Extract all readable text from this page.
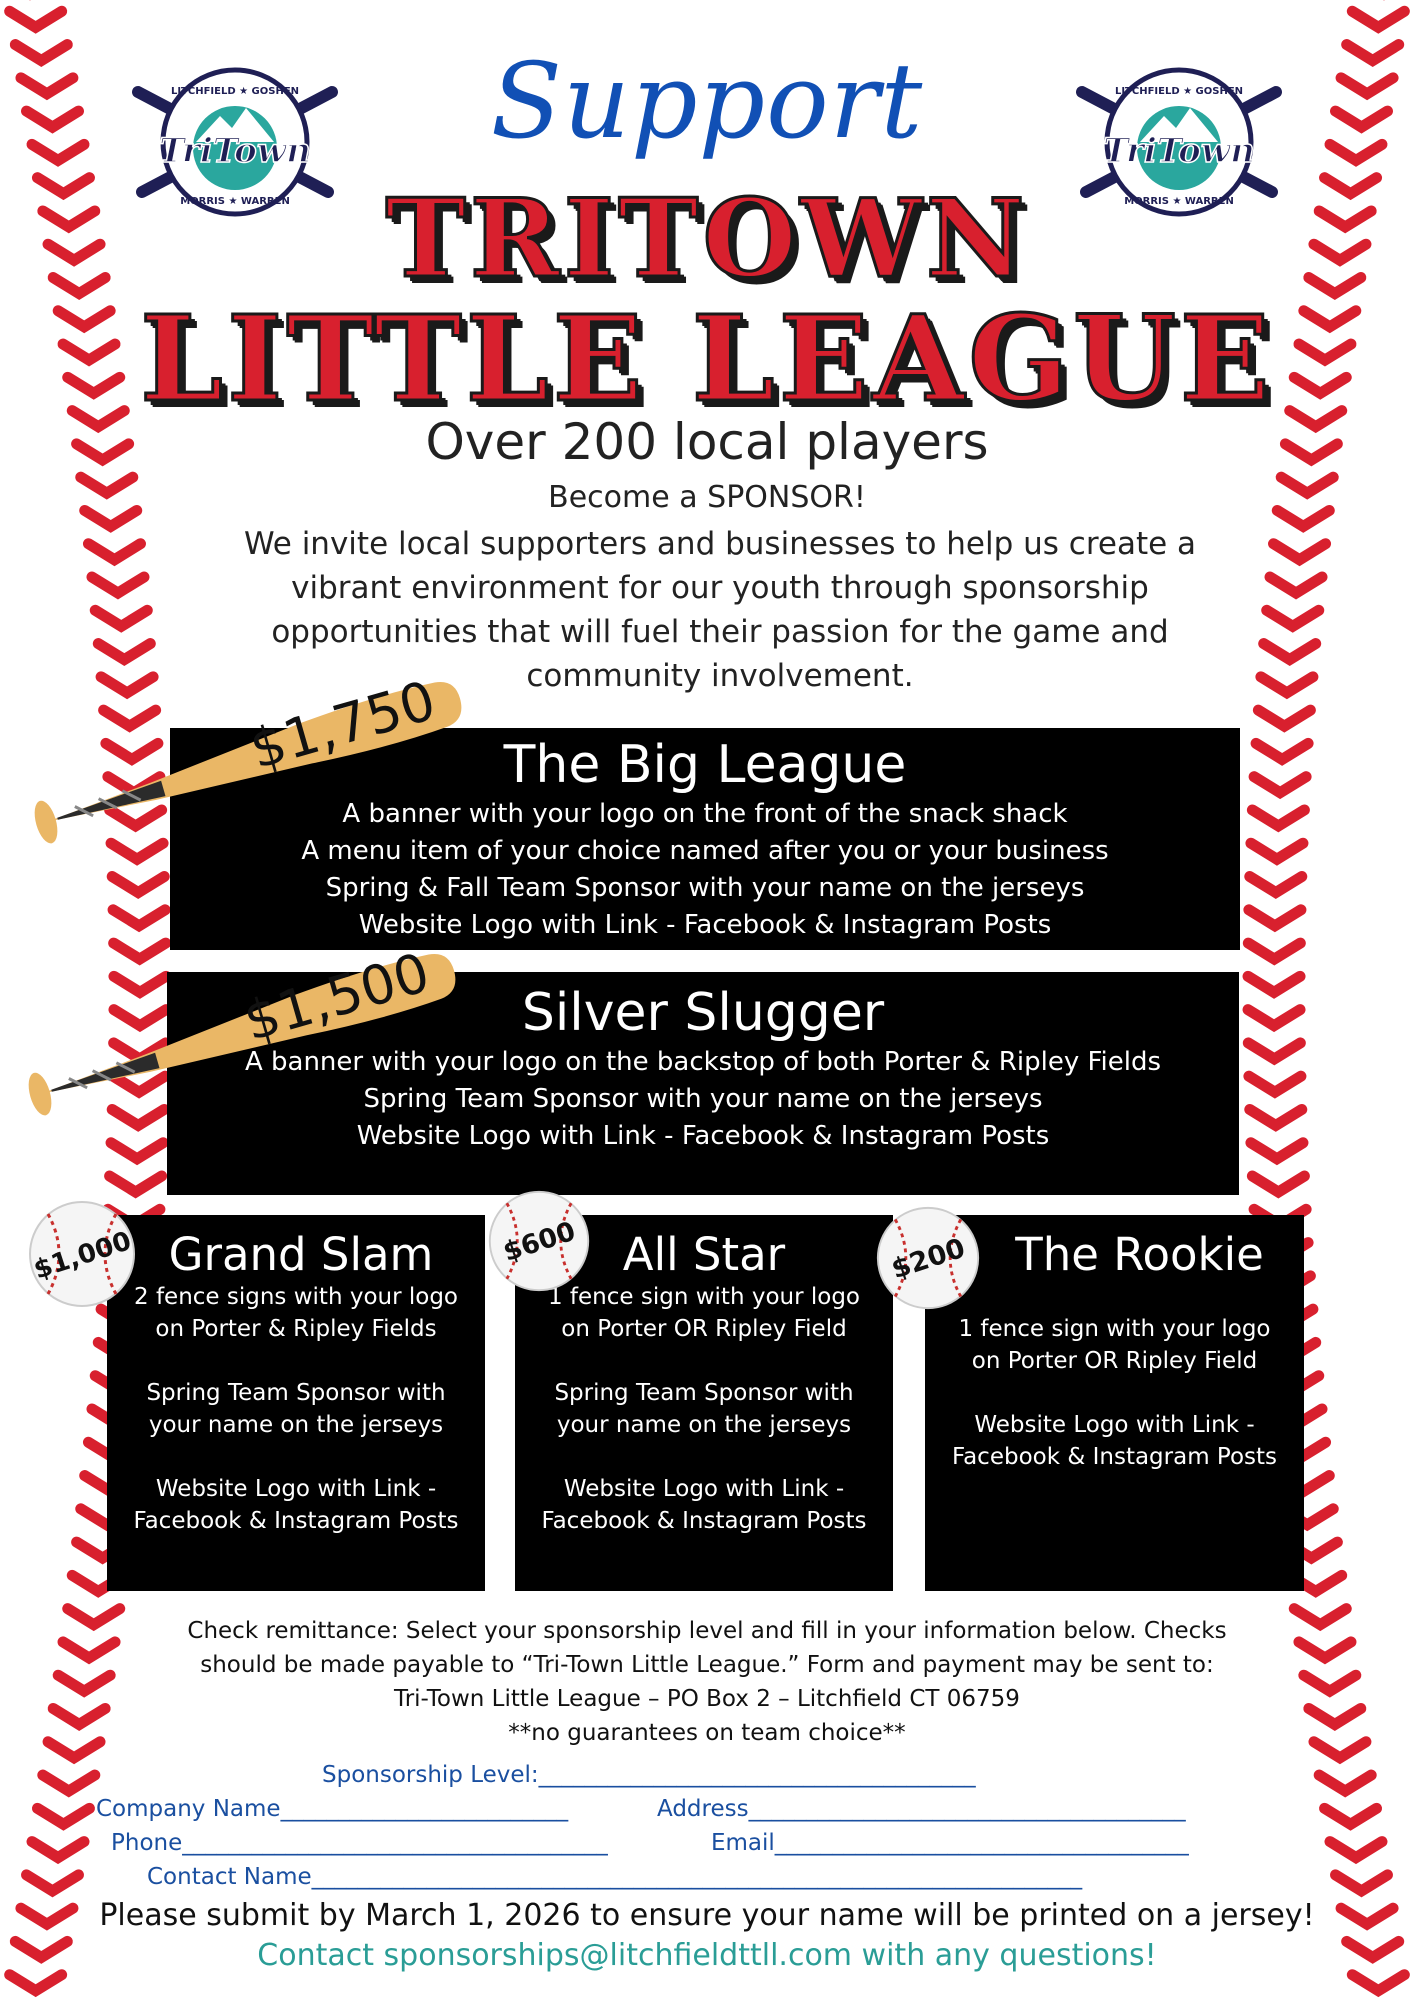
LITCHFIELD ★ GOSHEN
TriTown
MORRIS ★ WARREN
LITCHFIELD ★ GOSHEN
TriTown
MORRIS ★ WARREN
Support
TRITOWN
LITTLE LEAGUE
Over 200 local players
Become a SPONSOR!
We invite local supporters and businesses to help us create a vibrant environment for our youth through sponsorship opportunities that will fuel their passion for the game and community involvement.
The Big League
A banner with your logo on the front of the snack shack
A menu item of your choice named after you or your business
Spring & Fall Team Sponsor with your name on the jerseys
Website Logo with Link - Facebook & Instagram Posts
Silver Slugger
A banner with your logo on the backstop of both Porter & Ripley Fields
Spring Team Sponsor with your name on the jerseys
Website Logo with Link - Facebook & Instagram Posts
$1,750
$1,500
Grand Slam
2 fence signs with your logo
on Porter & Ripley Fields

Spring Team Sponsor with
your name on the jerseys

Website Logo with Link -
Facebook & Instagram Posts
All Star
1 fence sign with your logo
on Porter OR Ripley Field

Spring Team Sponsor with
your name on the jerseys

Website Logo with Link -
Facebook & Instagram Posts
The Rookie
1 fence sign with your logo
on Porter OR Ripley Field

Website Logo with Link -
Facebook & Instagram Posts
$1,000	$600	$200
Check remittance: Select your sponsorship level and fill in your information below. Checks
should be made payable to “Tri-Town Little League.” Form and payment may be sent to:
Tri-Town Little League – PO Box 2 – Litchfield CT 06759
**no guarantees on team choice**
Sponsorship Level:______________________________________
Company Name_________________________	Address______________________________________
Phone_____________________________________	Email____________________________________
Contact Name___________________________________________________________________
Please submit by March 1, 2026 to ensure your name will be printed on a jersey!
Contact sponsorships@litchfieldttll.com with any questions!
